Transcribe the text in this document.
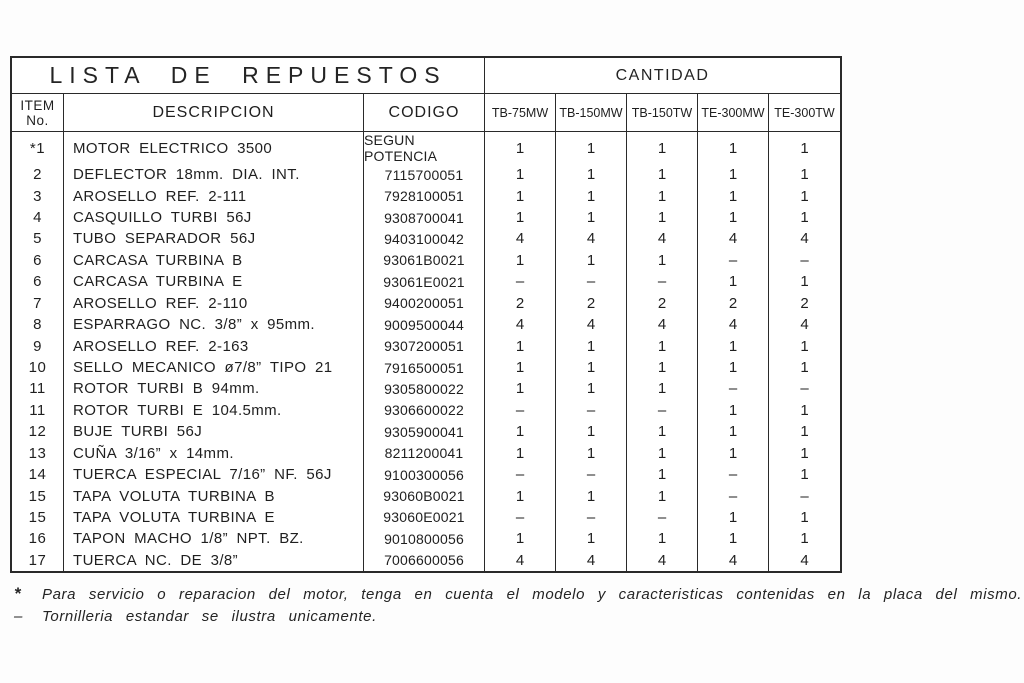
LISTA DE REPUESTOS	CANTIDAD
ITEM
No.	DESCRIPCION	CODIGO	TB-75MW TB-150MW TB-150TW TE-300MW TE-300TW
*1	MOTOR ELECTRICO 3500	SEGUN POTENCIA	1	1	1	1	1
2	DEFLECTOR 18mm. DIA. INT.	7115700051	1	1	1	1	1
3	AROSELLO REF. 2-111	7928100051	1	1	1	1	1
4	CASQUILLO TURBI 56J	9308700041	1	1	1	1	1
5	TUBO SEPARADOR 56J	9403100042	4	4	4	4	4
6	CARCASA TURBINA B	93061B0021	1	1	1	–	–
6	CARCASA TURBINA E	93061E0021	–	–	–	1	1
7	AROSELLO REF. 2-110	9400200051	2	2	2	2	2
8	ESPARRAGO NC. 3/8” x 95mm.	9009500044	4	4	4	4	4
9	AROSELLO REF. 2-163	9307200051	1	1	1	1	1
10	SELLO MECANICO ø7/8” TIPO 21	7916500051	1	1	1	1	1
11	ROTOR TURBI B 94mm.	9305800022	1	1	1	–	–
11	ROTOR TURBI E 104.5mm.	9306600022	–	–	–	1	1
12	BUJE TURBI 56J	9305900041	1	1	1	1	1
13	CUÑA 3/16” x 14mm.	8211200041	1	1	1	1	1
14	TUERCA ESPECIAL 7/16” NF. 56J	9100300056	–	–	1	–	1
15	TAPA VOLUTA TURBINA B	93060B0021	1	1	1	–	–
15	TAPA VOLUTA TURBINA E	93060E0021	–	–	–	1	1
16	TAPON MACHO 1/8” NPT. BZ.	9010800056	1	1	1	1	1
17	TUERCA NC. DE 3/8”	7006600056	4	4	4	4	4
*	Para servicio o reparacion del motor, tenga en cuenta el modelo y caracteristicas contenidas en la placa del mismo.
–	Tornilleria estandar se ilustra unicamente.
